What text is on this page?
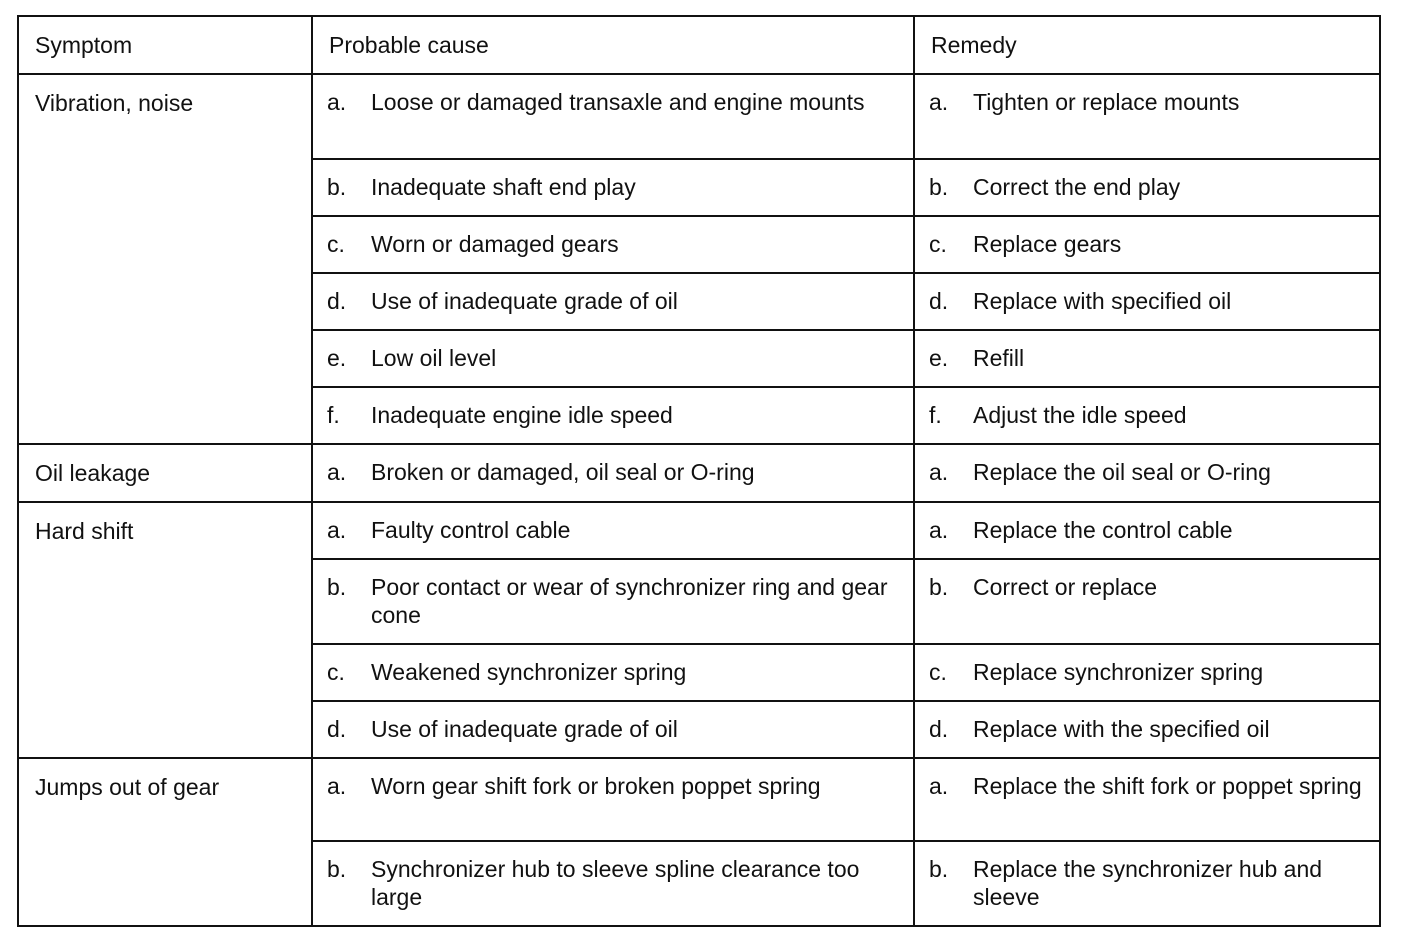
Symptom	Probable cause	Remedy
Vibration, noise	a. Loose or damaged transaxle and engine mounts	a. Tighten or replace mounts

	b. Inadequate shaft end play	b. Correct the end play

	c. Worn or damaged gears	c. Replace gears

	d. Use of inadequate grade of oil	d. Replace with specified oil

	e. Low oil level	e. Refill

	f. Inadequate engine idle speed	f. Adjust the idle speed

Oil leakage	a. Broken or damaged, oil seal or O-ring	a. Replace the oil seal or O-ring

Hard shift	a. Faulty control cable	a. Replace the control cable

	b. Poor contact or wear of synchronizer ring and gear cone	b. Correct or replace

	c. Weakened synchronizer spring	c. Replace synchronizer spring

	d. Use of inadequate grade of oil	d. Replace with the specified oil

Jumps out of gear	a. Worn gear shift fork or broken poppet spring	a. Replace the shift fork or poppet spring

	b. Synchronizer hub to sleeve spline clearance too large	b. Replace the synchronizer hub and sleeve
